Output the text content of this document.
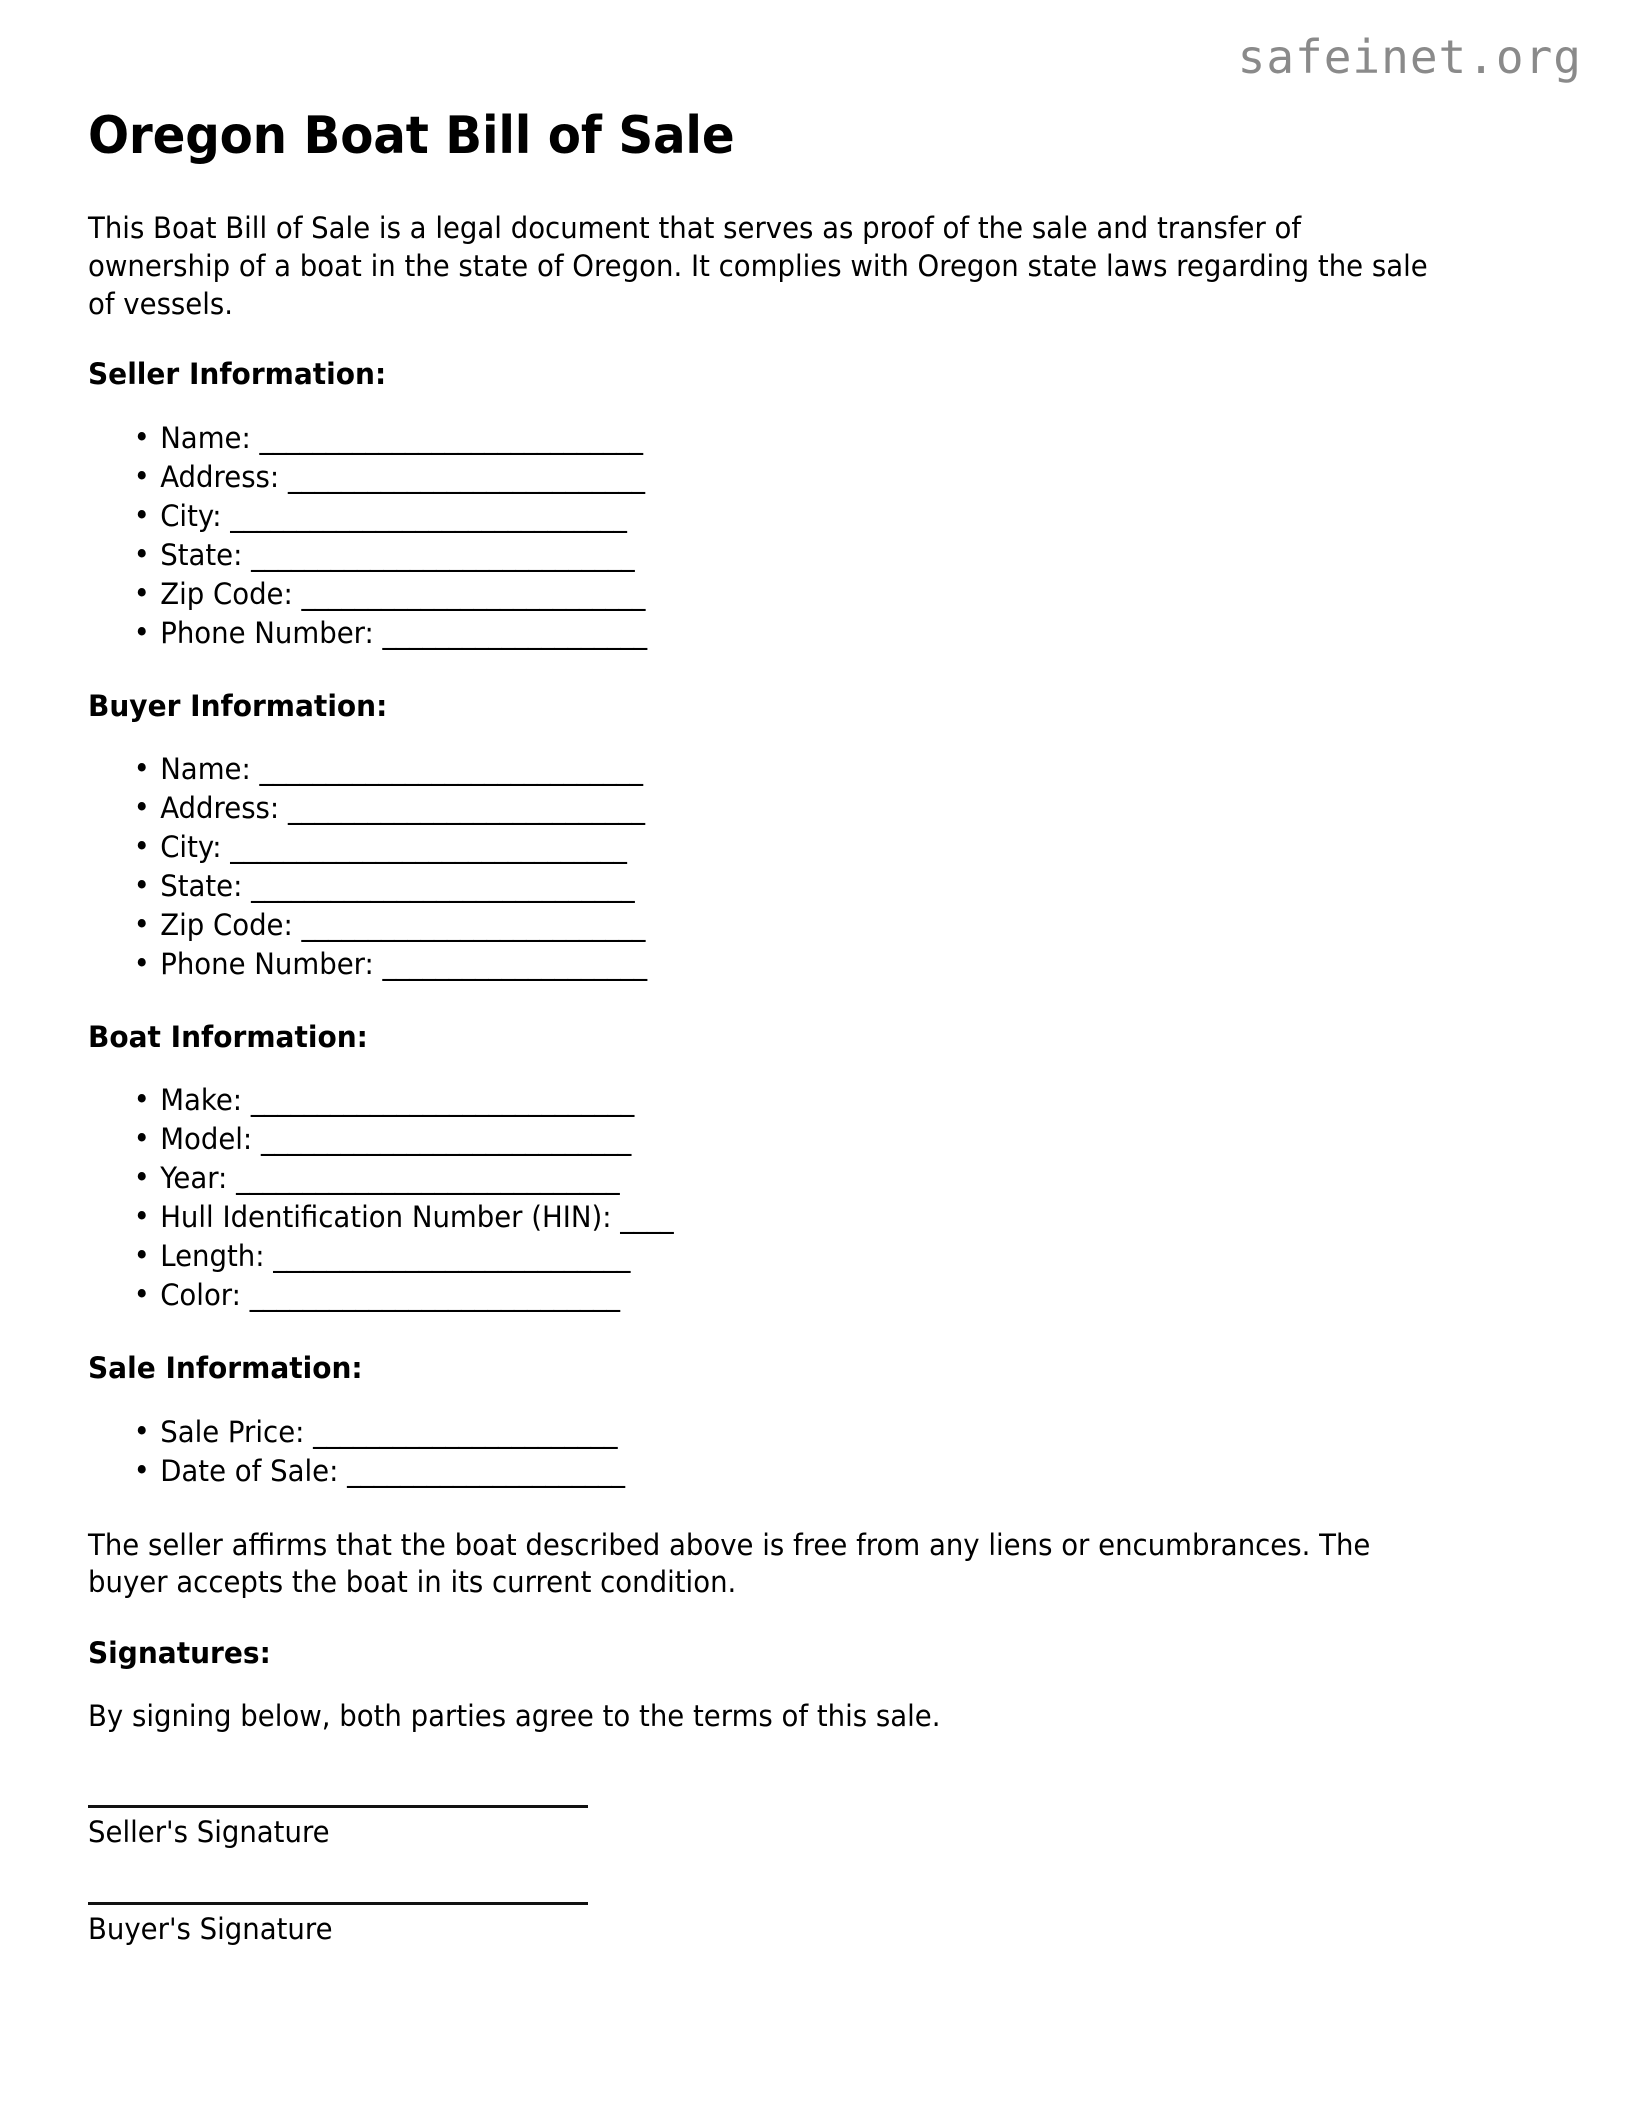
safeinet.org
Oregon Boat Bill of Sale

This Boat Bill of Sale is a legal document that serves as proof of the sale and transfer of ownership of a boat in the state of Oregon. It complies with Oregon state laws regarding the sale of vessels.

Seller Information:
• Name: _____________________________
• Address: ___________________________
• City: ______________________________
• State: _____________________________
• Zip Code: __________________________
• Phone Number: ____________________
Buyer Information:
• Name: _____________________________
• Address: ___________________________
• City: ______________________________
• State: _____________________________
• Zip Code: __________________________
• Phone Number: ____________________
Boat Information:
• Make: _____________________________
• Model: ____________________________
• Year: _____________________________
• Hull Identification Number (HIN): ____
• Length: ___________________________
• Color: ____________________________
Sale Information:
• Sale Price: _______________________
• Date of Sale: _____________________

The seller affirms that the boat described above is free from any liens or encumbrances. The buyer accepts the boat in its current condition.

Signatures:

By signing below, both parties agree to the terms of this sale.

Seller's Signature
Buyer's Signature
